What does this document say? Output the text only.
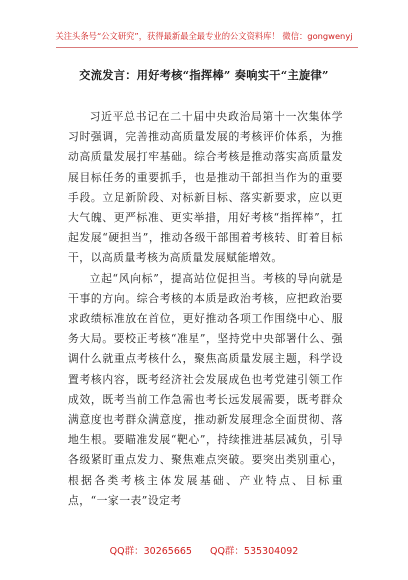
关注头条号“公文研究”，获得最新最全最专业的公文资料库！ 微信：gongwenyj
交流发言：用好考核“指挥棒” 奏响实干“主旋律”

习近平总书记在二十届中央政治局第十一次集体学习时强调，完善推动高质量发展的考核评价体系，为推动高质量发展打牢基础。综合考核是推动落实高质量发展目标任务的重要抓手，也是推动干部担当作为的重要手段。立足新阶段、对标新目标、落实新要求，应以更大气魄、更严标准、更实举措，用好考核“指挥棒”，扛起发展“硬担当”，推动各级干部围着考核转、盯着目标干，以高质量考核为高质量发展赋能增效。

立起“风向标”，提高站位促担当。考核的导向就是干事的方向。综合考核的本质是政治考核，应把政治要求政绩标准放在首位，更好推动各项工作围绕中心、服务大局。要校正考核“准星”，坚持党中央部署什么、强调什么就重点考核什么，聚焦高质量发展主题，科学设置考核内容，既考经济社会发展成色也考党建引领工作成效，既考当前工作急需也考长远发展需要，既考群众满意度也考群众满意度，推动新发展理念全面贯彻、落地生根。要瞄准发展“靶心”，持续推进基层减负，引导各级紧盯重点发力、聚焦难点突破。要突出类别重心，根据各类考核主体发展基础、产业特点、目标重点，“一家一表”设定考

QQ群：30265665 QQ群：535304092
